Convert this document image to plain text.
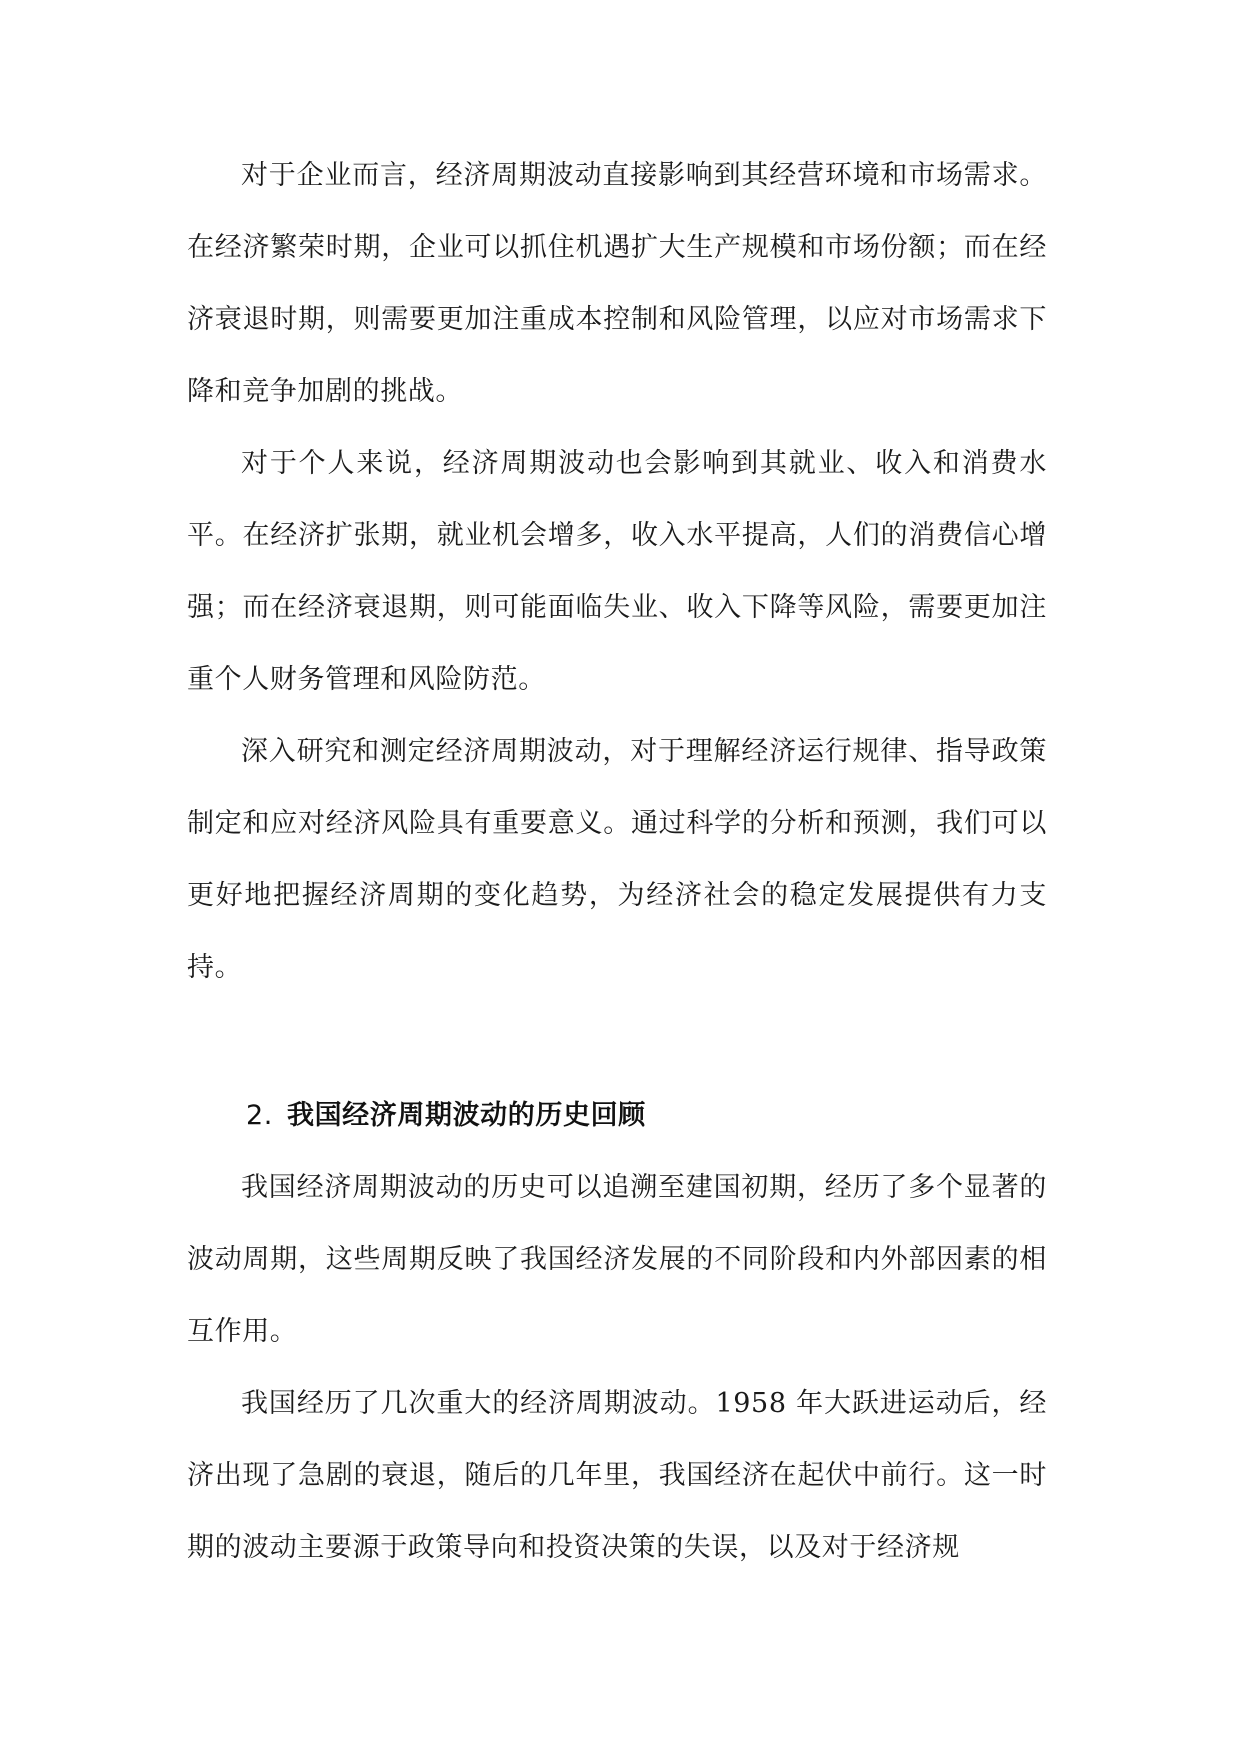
对于企业而言，经济周期波动直接影响到其经营环境和市场需求。在经济繁荣时期，企业可以抓住机遇扩大生产规模和市场份额；而在经济衰退时期，则需要更加注重成本控制和风险管理，以应对市场需求下降和竞争加剧的挑战。

对于个人来说，经济周期波动也会影响到其就业、收入和消费水平。在经济扩张期，就业机会增多，收入水平提高，人们的消费信心增强；而在经济衰退期，则可能面临失业、收入下降等风险，需要更加注重个人财务管理和风险防范。

深入研究和测定经济周期波动，对于理解经济运行规律、指导政策制定和应对经济风险具有重要意义。通过科学的分析和预测，我们可以更好地把握经济周期的变化趋势，为经济社会的稳定发展提供有力支持。

2. 我国经济周期波动的历史回顾

我国经济周期波动的历史可以追溯至建国初期，经历了多个显著的波动周期，这些周期反映了我国经济发展的不同阶段和内外部因素的相互作用。

我国经历了几次重大的经济周期波动。1958 年大跃进运动后，经济出现了急剧的衰退，随后的几年里，我国经济在起伏中前行。这一时期的波动主要源于政策导向和投资决策的失误，以及对于经济规
